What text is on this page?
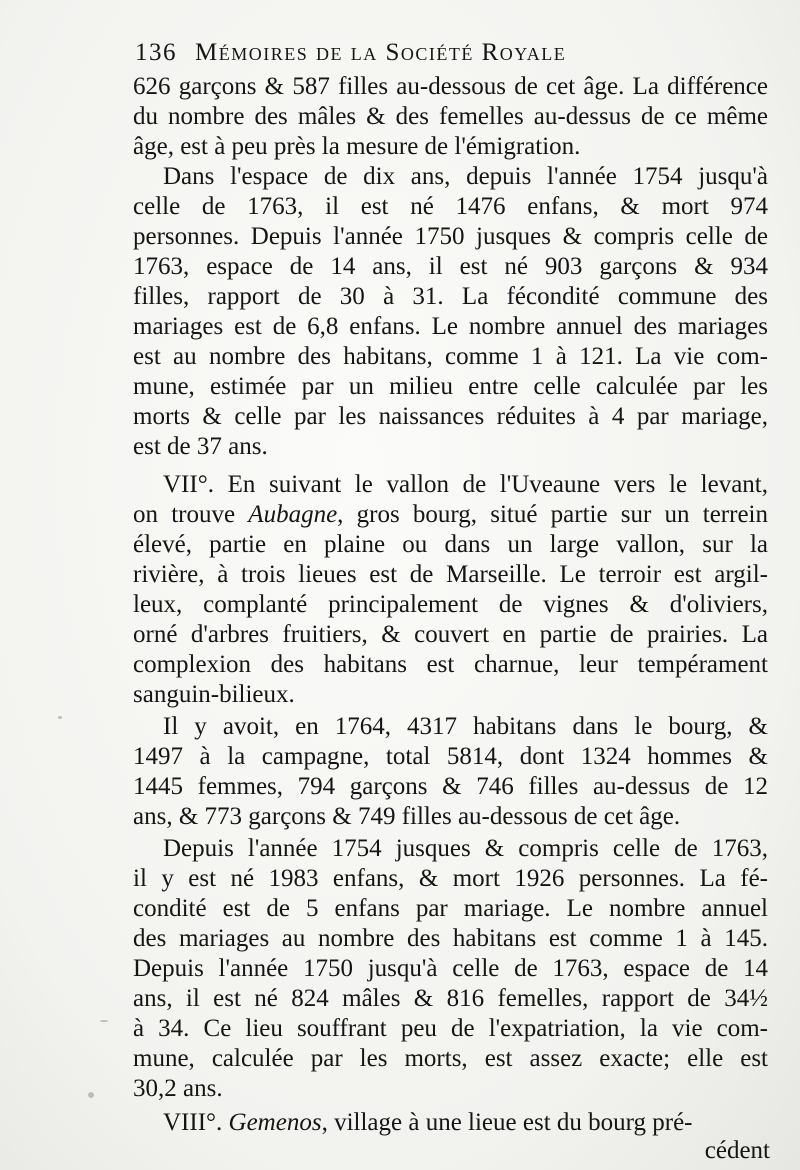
136 Mémoires de la Société Royale
626 garçons & 587 filles au-dessous de cet âge. La différence
du nombre des mâles & des femelles au-dessus de ce même
âge, est à peu près la mesure de l'émigration.
Dans l'espace de dix ans, depuis l'année 1754 jusqu'à
celle de 1763, il est né 1476 enfans, & mort 974
personnes. Depuis l'année 1750 jusques & compris celle de
1763, espace de 14 ans, il est né 903 garçons & 934
filles, rapport de 30 à 31. La fécondité commune des
mariages est de 6,8 enfans. Le nombre annuel des mariages
est au nombre des habitans, comme 1 à 121. La vie com-
mune, estimée par un milieu entre celle calculée par les
morts & celle par les naissances réduites à 4 par mariage,
est de 37 ans.
VII°. En suivant le vallon de l'Uveaune vers le levant,
on trouve Aubagne, gros bourg, situé partie sur un terrein
élevé, partie en plaine ou dans un large vallon, sur la
rivière, à trois lieues est de Marseille. Le terroir est argil-
leux, complanté principalement de vignes & d'oliviers,
orné d'arbres fruitiers, & couvert en partie de prairies. La
complexion des habitans est charnue, leur tempérament
sanguin-bilieux.
Il y avoit, en 1764, 4317 habitans dans le bourg, &
1497 à la campagne, total 5814, dont 1324 hommes &
1445 femmes, 794 garçons & 746 filles au-dessus de 12
ans, & 773 garçons & 749 filles au-dessous de cet âge.
Depuis l'année 1754 jusques & compris celle de 1763,
il y est né 1983 enfans, & mort 1926 personnes. La fé-
condité est de 5 enfans par mariage. Le nombre annuel
des mariages au nombre des habitans est comme 1 à 145.
Depuis l'année 1750 jusqu'à celle de 1763, espace de 14
ans, il est né 824 mâles & 816 femelles, rapport de 34½
à 34. Ce lieu souffrant peu de l'expatriation, la vie com-
mune, calculée par les morts, est assez exacte; elle est
30,2 ans.
VIII°. Gemenos, village à une lieue est du bourg pré-
cédent
